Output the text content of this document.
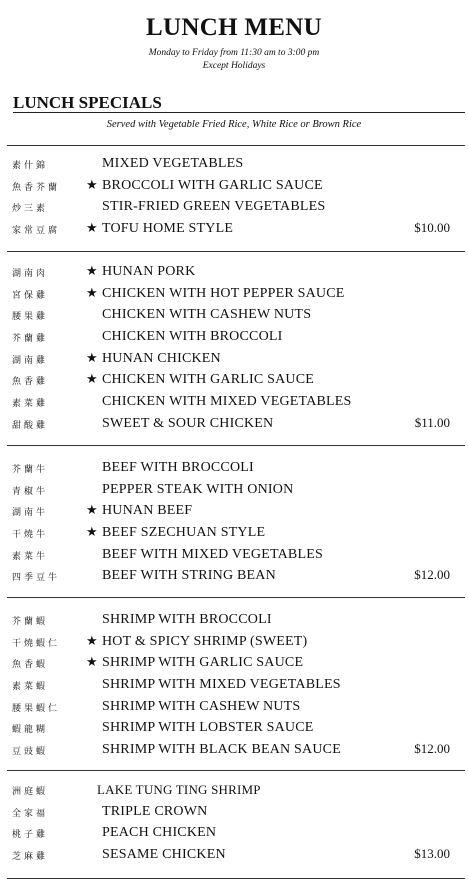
LUNCH MENU
Monday to Friday from 11:30 am to 3:00 pm
Except Holidays
LUNCH SPECIALS
Served with Vegetable Fried Rice, White Rice or Brown Rice
素什錦	MIXED VEGETABLES
魚香芥蘭	★ BROCCOLI WITH GARLIC SAUCE
炒三素	STIR-FRIED GREEN VEGETABLES
家常豆腐	★ TOFU HOME STYLE	$10.00
湖南肉	★ HUNAN PORK
宮保雞	★ CHICKEN WITH HOT PEPPER SAUCE
腰果雞	CHICKEN WITH CASHEW NUTS
芥蘭雞	CHICKEN WITH BROCCOLI
湖南雞	★ HUNAN CHICKEN
魚香雞	★ CHICKEN WITH GARLIC SAUCE
素菜雞	CHICKEN WITH MIXED VEGETABLES
甜酸雞	SWEET & SOUR CHICKEN	$11.00
芥蘭牛	BEEF WITH BROCCOLI
青椒牛	PEPPER STEAK WITH ONION
湖南牛	★ HUNAN BEEF
干燒牛	★ BEEF SZECHUAN STYLE
素菜牛	BEEF WITH MIXED VEGETABLES
四季豆牛	BEEF WITH STRING BEAN	$12.00
芥蘭蝦	SHRIMP WITH BROCCOLI
干燒蝦仁	★ HOT & SPICY SHRIMP (SWEET)
魚香蝦	★ SHRIMP WITH GARLIC SAUCE
素菜蝦	SHRIMP WITH MIXED VEGETABLES
腰果蝦仁	SHRIMP WITH CASHEW NUTS
蝦龍糊	SHRIMP WITH LOBSTER SAUCE
豆豉蝦	SHRIMP WITH BLACK BEAN SAUCE	$12.00
洲庭蝦	LAKE TUNG TING SHRIMP
全家福	TRIPLE CROWN
桃子雞	PEACH CHICKEN
芝麻雞	SESAME CHICKEN	$13.00
